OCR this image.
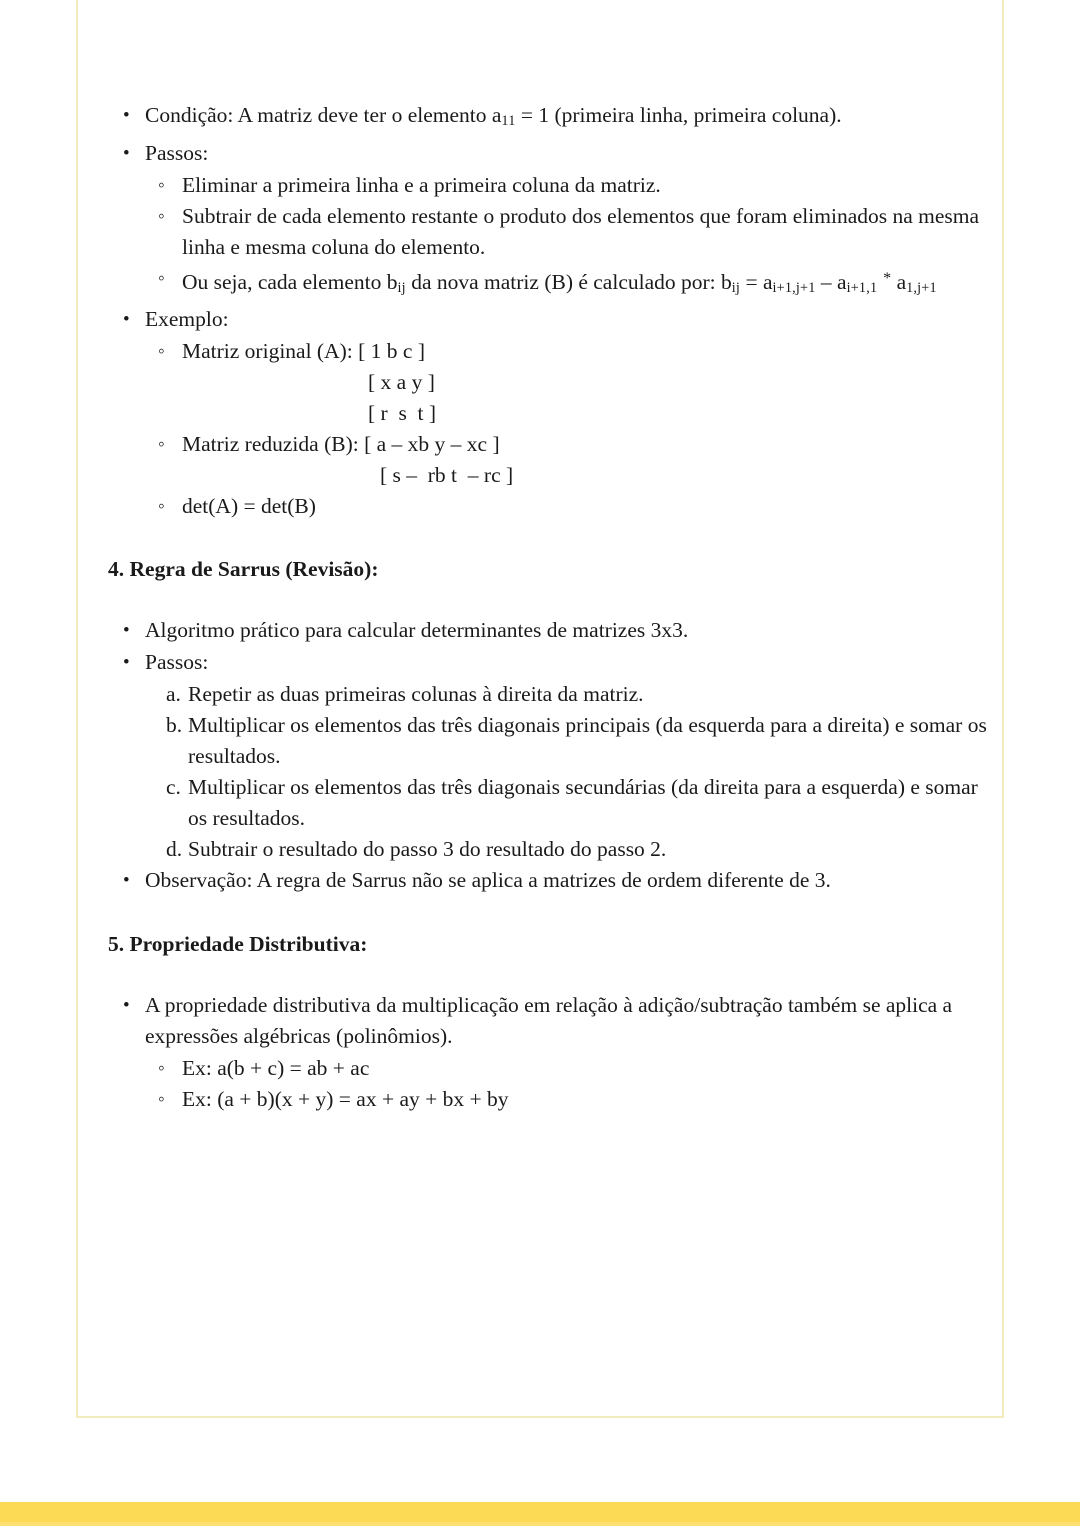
Condição: A matriz deve ter o elemento $a_{11} = 1$ (primeira linha, primeira coluna).
Passos:
Eliminar a primeira linha e a primeira coluna da matriz.
Subtrair de cada elemento restante o produto dos elementos que foram eliminados na mesma linha e mesma coluna do elemento.
Ou seja, cada elemento $b_{ij}$ da nova matriz (B) é calculado por: $b_{ij} = a_{i+1,j+1} - a_{i+1,1}$ * $a_{1,j+1}$
Exemplo:
Matriz original (A): [ 1 b c ]
[ x a y ]
[ r  s  t ]
Matriz reduzida (B): [ a – xb y – xc ]
[ s –  rb t  – rc ]
det(A) = det(B)
4. Regra de Sarrus (Revisão):
Algoritmo prático para calcular determinantes de matrizes 3x3.
Passos:
Repetir as duas primeiras colunas à direita da matriz.
Multiplicar os elementos das três diagonais principais (da esquerda para a direita) e somar os resultados.
Multiplicar os elementos das três diagonais secundárias (da direita para a esquerda) e somar os resultados.
Subtrair o resultado do passo 3 do resultado do passo 2.
Observação: A regra de Sarrus não se aplica a matrizes de ordem diferente de 3.
5. Propriedade Distributiva:
A propriedade distributiva da multiplicação em relação à adição/subtração também se aplica a expressões algébricas (polinômios).
Ex: a(b + c) = ab + ac
Ex: (a + b)(x + y) = ax + ay + bx + by
